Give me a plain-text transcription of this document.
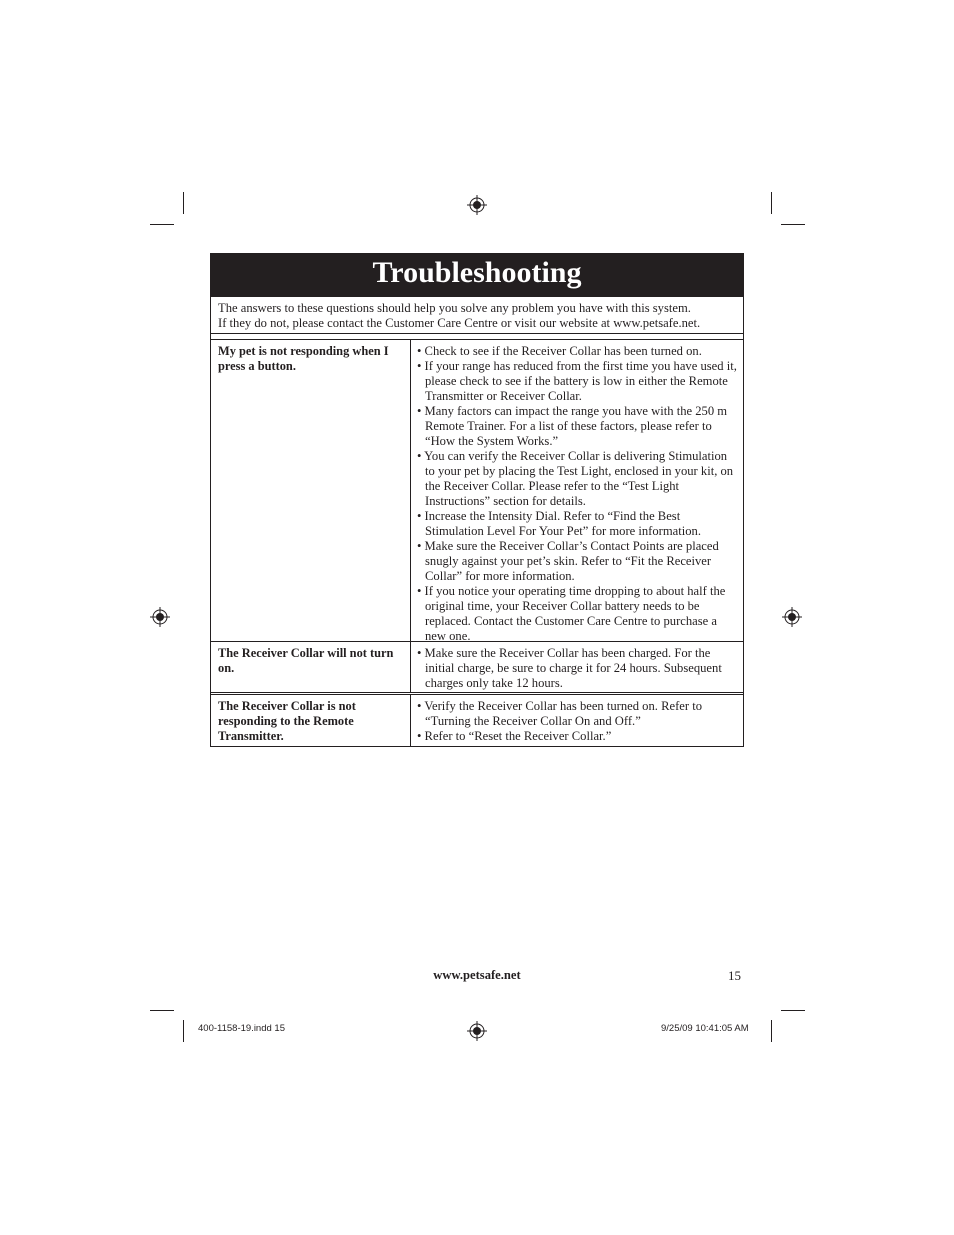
Troubleshooting
The answers to these questions should help you solve any problem you have with this system.
If they do not, please contact the Customer Care Centre or visit our website at www.petsafe.net.
My pet is not responding when I press a button.
• Check to see if the Receiver Collar has been turned on.
• If your range has reduced from the first time you have used it, please check to see if the battery is low in either the Remote Transmitter or Receiver Collar.
• Many factors can impact the range you have with the 250 m Remote Trainer. For a list of these factors, please refer to “How the System Works.”
• You can verify the Receiver Collar is delivering Stimulation to your pet by placing the Test Light, enclosed in your kit, on the Receiver Collar. Please refer to the “Test Light Instructions” section for details.
• Increase the Intensity Dial. Refer to “Find the Best Stimulation Level For Your Pet” for more information.
• Make sure the Receiver Collar’s Contact Points are placed snugly against your pet’s skin. Refer to “Fit the Receiver Collar” for more information.
• If you notice your operating time dropping to about half the original time, your Receiver Collar battery needs to be replaced. Contact the Customer Care Centre to purchase a new one.
The Receiver Collar will not turn on.
• Make sure the Receiver Collar has been charged. For the initial charge, be sure to charge it for 24 hours. Subsequent charges only take 12 hours.
The Receiver Collar is not responding to the Remote Transmitter.
• Verify the Receiver Collar has been turned on. Refer to “Turning the Receiver Collar On and Off.”
• Refer to “Reset the Receiver Collar.”
www.petsafe.net	15
400-1158-19.indd 15	9/25/09 10:41:05 AM
